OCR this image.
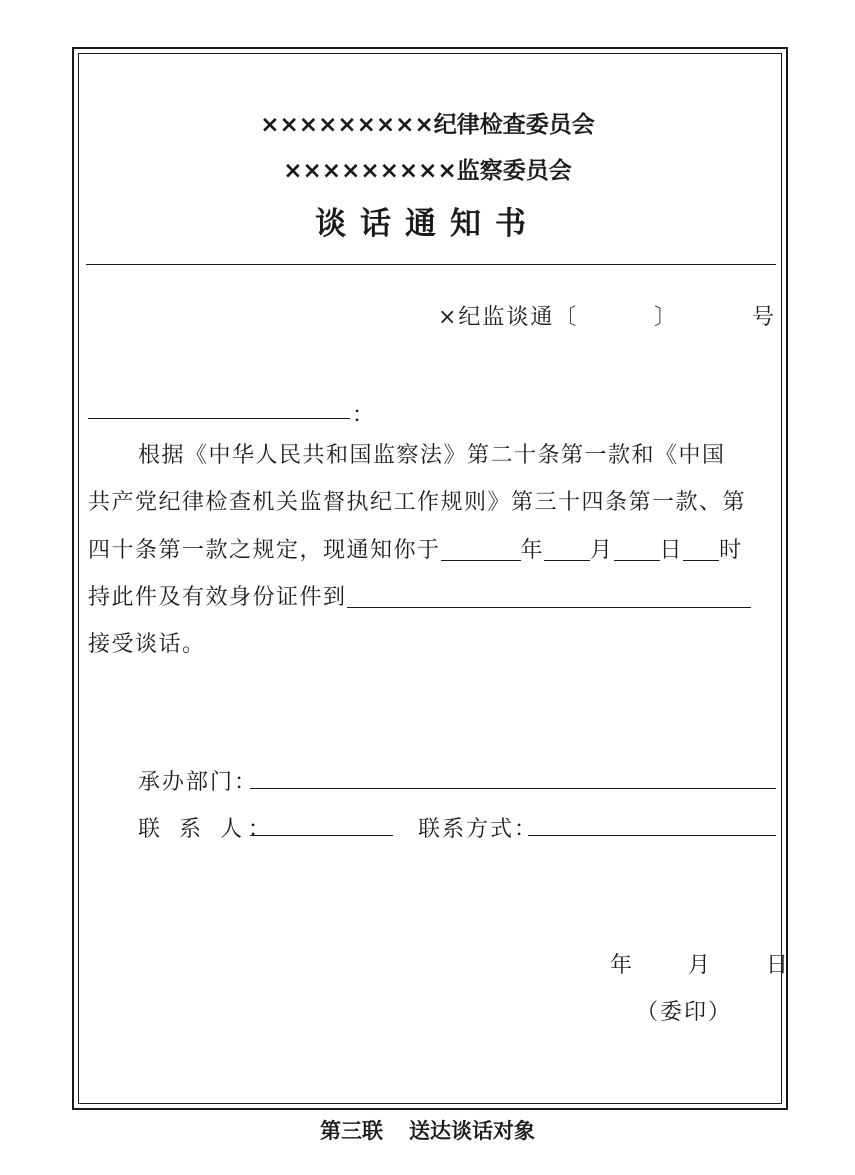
×××××××××纪律检查委员会
×××××××××监察委员会
谈话通知书
×纪监谈通〔	〕	号
：
根据《中华人民共和国监察法》第二十条第一款和《中国
共产党纪律检查机关监督执纪工作规则》第三十四条第一款、第
四十条第一款之规定，现通知你于	年 月 日 时
持此件及有效身份证件到
接受谈话。
承办部门：
联 系 人：	联系方式：
年　　月　　日
（委印）
第三联 送达谈话对象
